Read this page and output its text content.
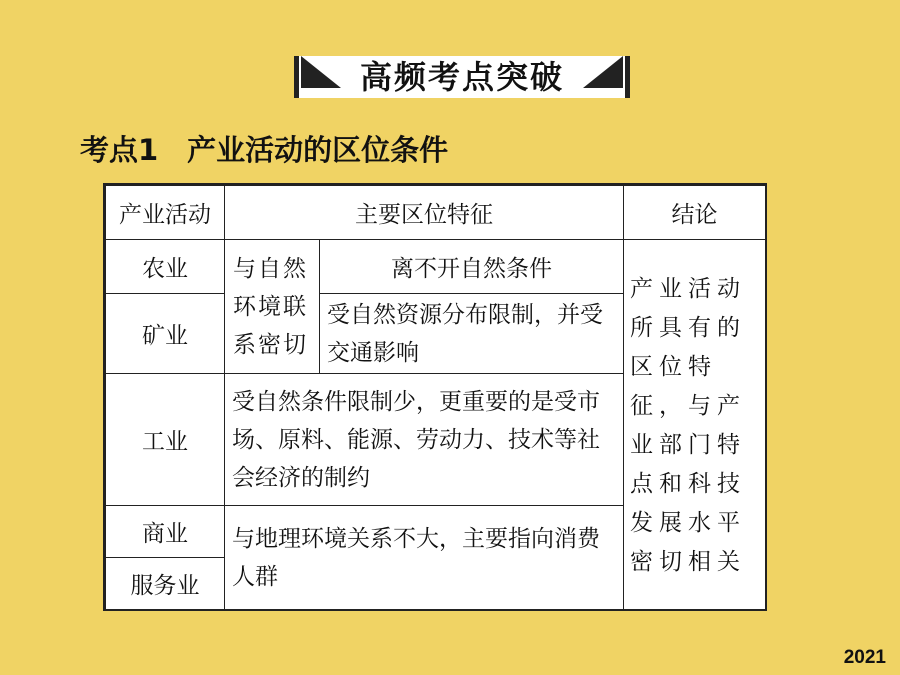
高频考点突破
考点1　产业活动的区位条件
产业活动	主要区位特征		结论
农业	与自然环境联系密切	离不开自然条件	产业活动所具有的区位特征，与产业部门特点和科技发展水平密切相关
矿业		受自然资源分布限制，并受交通影响	
工业	受自然条件限制少，更重要的是受市场、原料、能源、劳动力、技术等社会经济的制约		
商业	与地理环境关系不大，主要指向消费人群		
服务业			
2021
